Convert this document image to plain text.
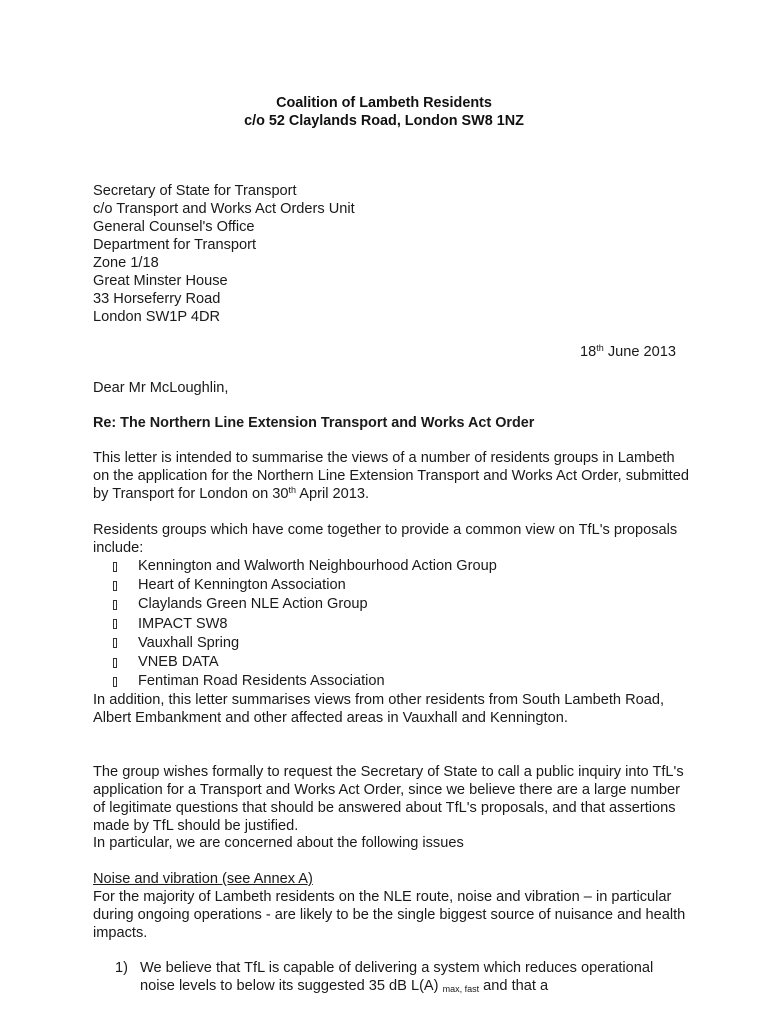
Coalition of Lambeth Residents
c/o 52 Claylands Road, London SW8 1NZ
Secretary of State for Transport
c/o Transport and Works Act Orders Unit
General Counsel's Office
Department for Transport
Zone 1/18
Great Minster House
33 Horseferry Road
London SW1P 4DR
18th June 2013
Dear Mr McLoughlin,
Re: The Northern Line Extension Transport and Works Act Order
This letter is intended to summarise the views of a number of residents groups in Lambeth on the application for the Northern Line Extension Transport and Works Act Order, submitted by Transport for London on 30th April 2013.
Residents groups which have come together to provide a common view on TfL's proposals include:
Kennington and Walworth Neighbourhood Action Group
Heart of Kennington Association
Claylands Green NLE Action Group
IMPACT SW8
Vauxhall Spring
VNEB DATA
Fentiman Road Residents Association
In addition, this letter summarises views from other residents from South Lambeth Road, Albert Embankment and other affected areas in Vauxhall and Kennington.
The group wishes formally to request the Secretary of State to call a public inquiry into TfL's application for a Transport and Works Act Order, since we believe there are a large number of legitimate questions that should be answered about TfL's proposals, and that assertions made by TfL should be justified.
In particular, we are concerned about the following issues
Noise and vibration (see Annex A)
For the majority of Lambeth residents on the NLE route, noise and vibration – in particular during ongoing operations - are likely to be the single biggest source of nuisance and health impacts.
1) We believe that TfL is capable of delivering a system which reduces operational noise levels to below its suggested 35 dB L(A) $_{max, fast}$ and that a
